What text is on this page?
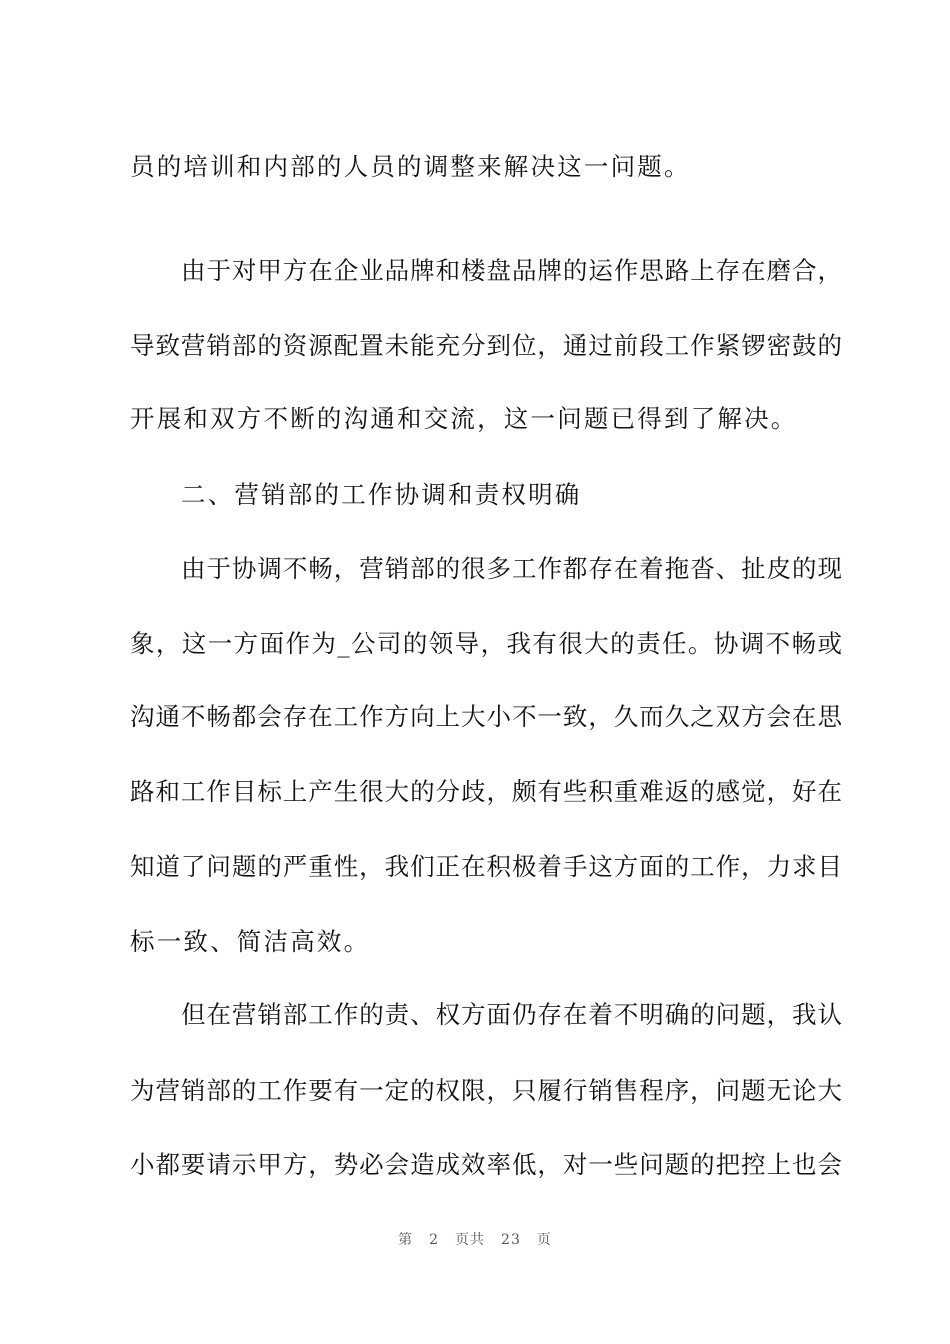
员的培训和内部的人员的调整来解决这一问题。
由于对甲方在企业品牌和楼盘品牌的运作思路上存在磨合，
导致营销部的资源配置未能充分到位，通过前段工作紧锣密鼓的
开展和双方不断的沟通和交流，这一问题已得到了解决。
二、营销部的工作协调和责权明确
由于协调不畅，营销部的很多工作都存在着拖沓、扯皮的现
象，这一方面作为_公司的领导，我有很大的责任。协调不畅或
沟通不畅都会存在工作方向上大小不一致，久而久之双方会在思
路和工作目标上产生很大的分歧，颇有些积重难返的感觉，好在
知道了问题的严重性，我们正在积极着手这方面的工作，力求目
标一致、简洁高效。
但在营销部工作的责、权方面仍存在着不明确的问题，我认
为营销部的工作要有一定的权限，只履行销售程序，问题无论大
小都要请示甲方，势必会造成效率低，对一些问题的把控上也会
第 2 页共 23 页
